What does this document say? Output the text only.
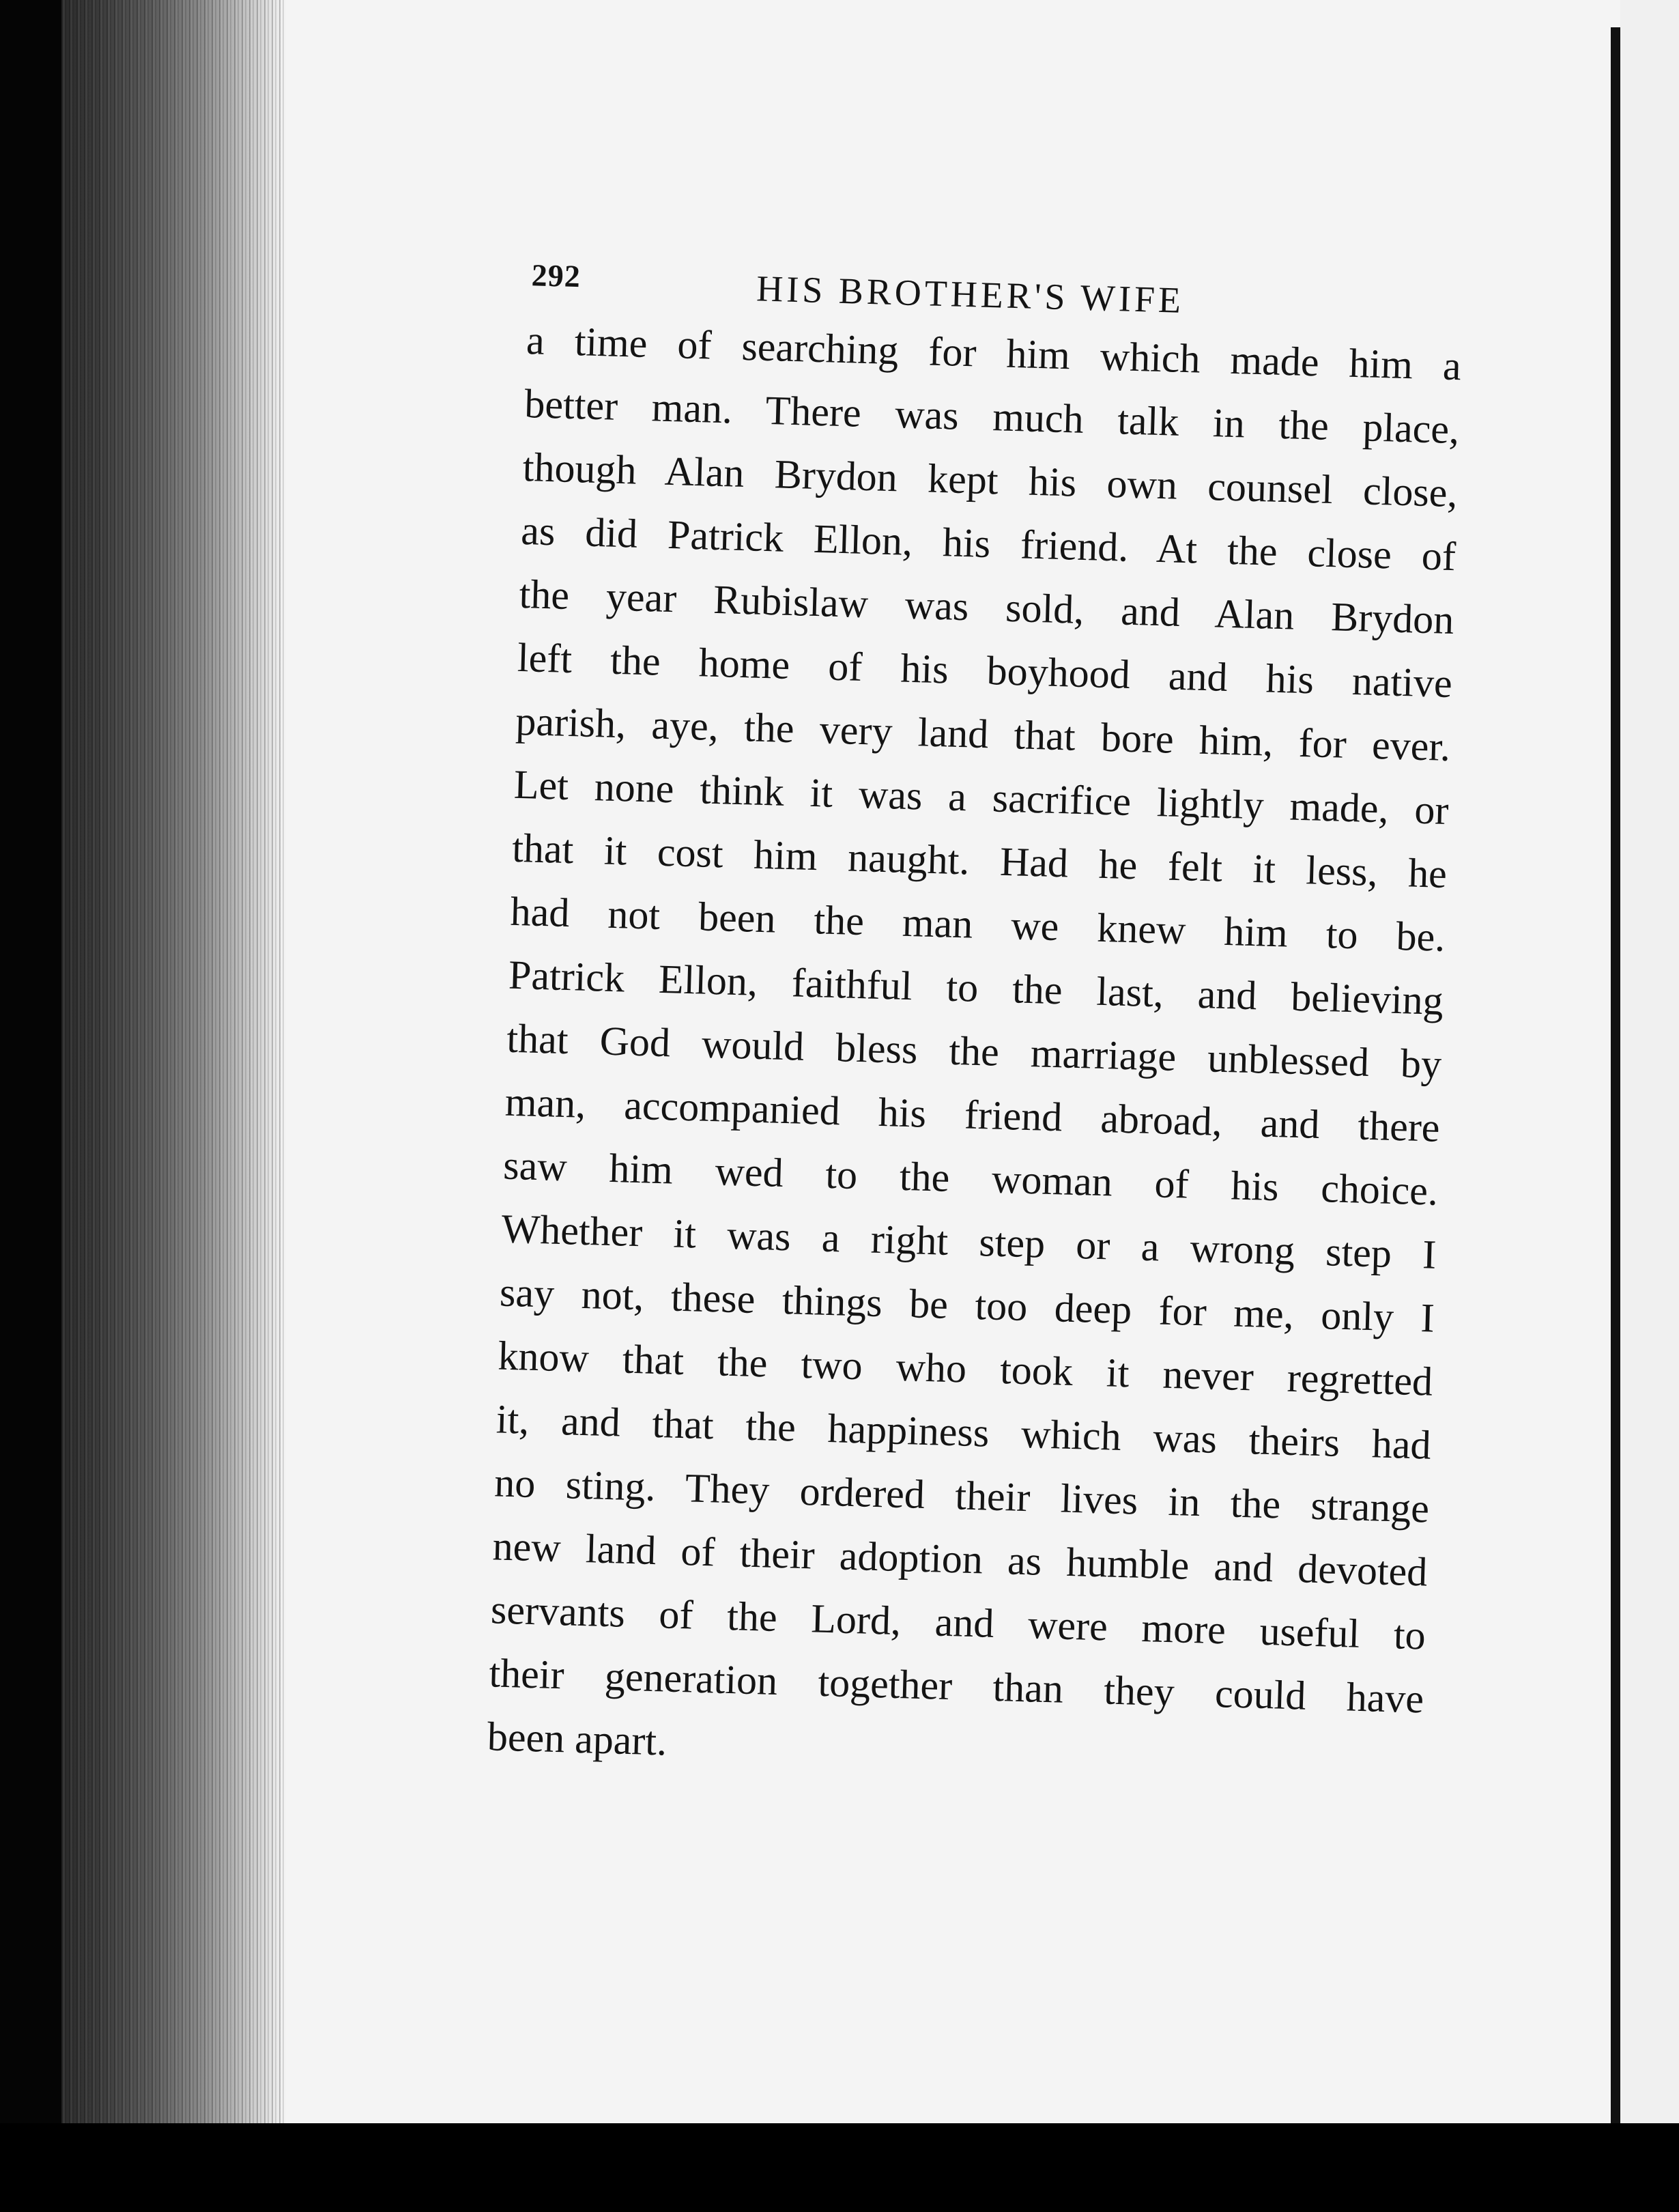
292	HIS BROTHER'S WIFE
a time of searching for him which made him a
better man. There was much talk in the place,
though Alan Brydon kept his own counsel close,
as did Patrick Ellon, his friend. At the close of
the year Rubislaw was sold, and Alan Brydon
left the home of his boyhood and his native
parish, aye, the very land that bore him, for ever.
Let none think it was a sacrifice lightly made, or
that it cost him naught. Had he felt it less, he
had not been the man we knew him to be.
Patrick Ellon, faithful to the last, and believing
that God would bless the marriage unblessed by
man, accompanied his friend abroad, and there
saw him wed to the woman of his choice.
Whether it was a right step or a wrong step I
say not, these things be too deep for me, only I
know that the two who took it never regretted
it, and that the happiness which was theirs had
no sting. They ordered their lives in the strange
new land of their adoption as humble and devoted
servants of the Lord, and were more useful to
their generation together than they could have
been apart.
